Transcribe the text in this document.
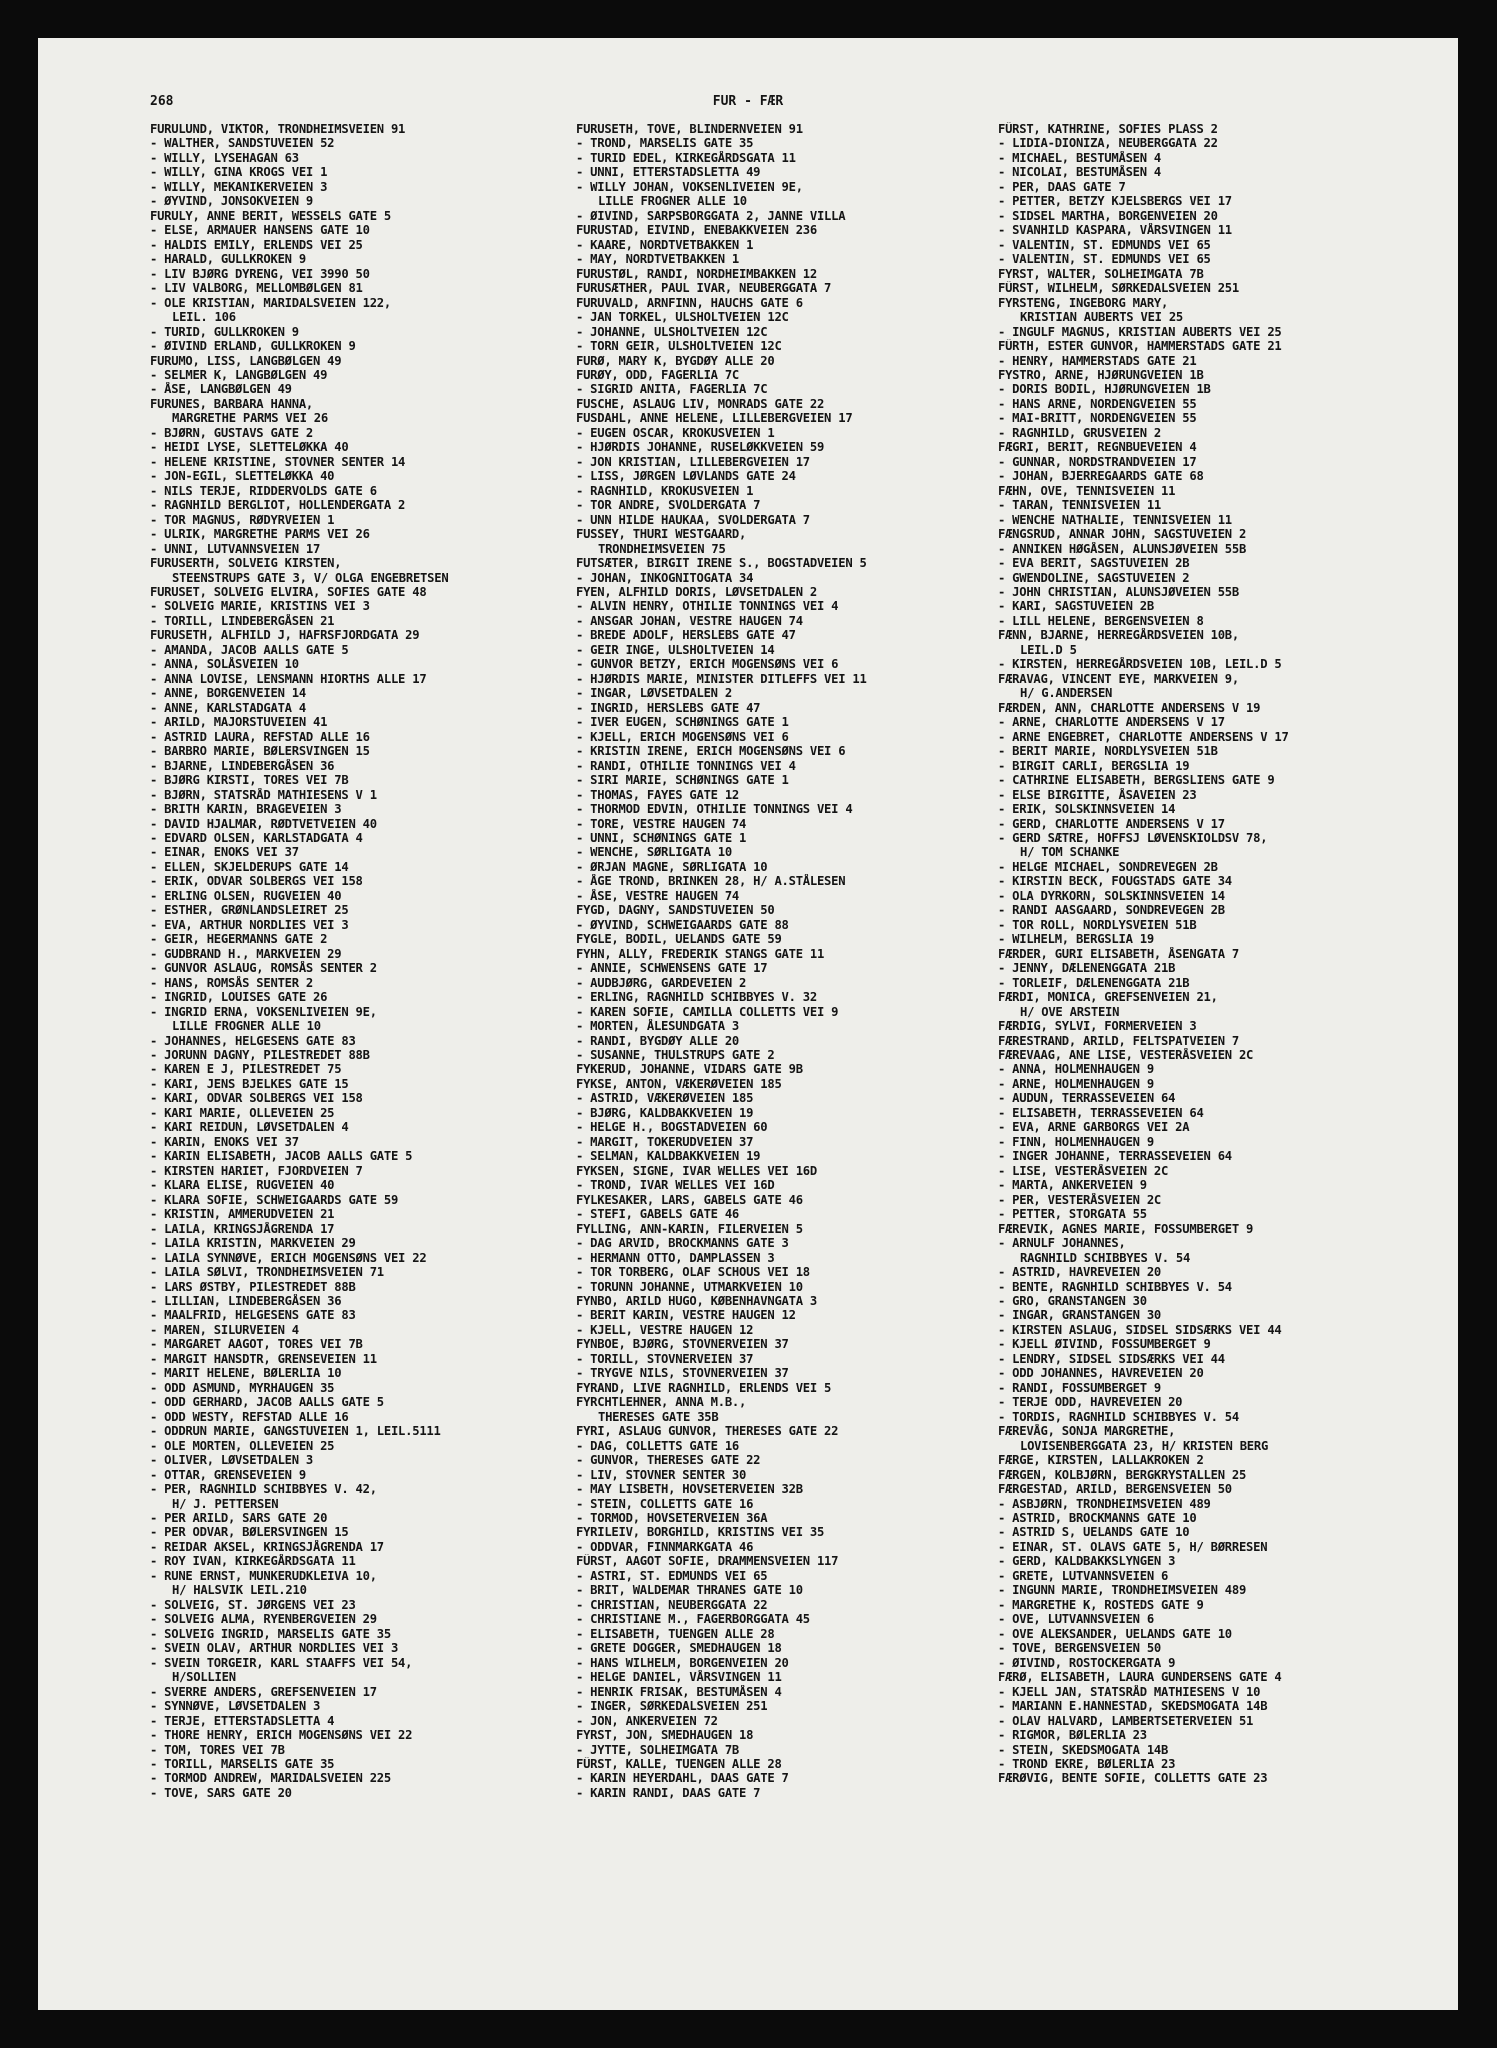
268	FUR - FÆR
FURULUND, VIKTOR, TRONDHEIMSVEIEN 91
- WALTHER, SANDSTUVEIEN 52
- WILLY, LYSEHAGAN 63
- WILLY, GINA KROGS VEI 1
- WILLY, MEKANIKERVEIEN 3
- ØYVIND, JONSOKVEIEN 9
FURULY, ANNE BERIT, WESSELS GATE 5
- ELSE, ARMAUER HANSENS GATE 10
- HALDIS EMILY, ERLENDS VEI 25
- HARALD, GULLKROKEN 9
- LIV BJØRG DYRENG, VEI 3990 50
- LIV VALBORG, MELLOMBØLGEN 81
- OLE KRISTIAN, MARIDALSVEIEN 122,
LEIL. 106
- TURID, GULLKROKEN 9
- ØIVIND ERLAND, GULLKROKEN 9
FURUMO, LISS, LANGBØLGEN 49
- SELMER K, LANGBØLGEN 49
- ÅSE, LANGBØLGEN 49
FURUNES, BARBARA HANNA,
MARGRETHE PARMS VEI 26
- BJØRN, GUSTAVS GATE 2
- HEIDI LYSE, SLETTELØKKA 40
- HELENE KRISTINE, STOVNER SENTER 14
- JON-EGIL, SLETTELØKKA 40
- NILS TERJE, RIDDERVOLDS GATE 6
- RAGNHILD BERGLIOT, HOLLENDERGATA 2
- TOR MAGNUS, RØDYRVEIEN 1
- ULRIK, MARGRETHE PARMS VEI 26
- UNNI, LUTVANNSVEIEN 17
FURUSERTH, SOLVEIG KIRSTEN,
STEENSTRUPS GATE 3, V/ OLGA ENGEBRETSEN
FURUSET, SOLVEIG ELVIRA, SOFIES GATE 48
- SOLVEIG MARIE, KRISTINS VEI 3
- TORILL, LINDEBERGÅSEN 21
FURUSETH, ALFHILD J, HAFRSFJORDGATA 29
- AMANDA, JACOB AALLS GATE 5
- ANNA, SOLÅSVEIEN 10
- ANNA LOVISE, LENSMANN HIORTHS ALLE 17
- ANNE, BORGENVEIEN 14
- ANNE, KARLSTADGATA 4
- ARILD, MAJORSTUVEIEN 41
- ASTRID LAURA, REFSTAD ALLE 16
- BARBRO MARIE, BØLERSVINGEN 15
- BJARNE, LINDEBERGÅSEN 36
- BJØRG KIRSTI, TORES VEI 7B
- BJØRN, STATSRÅD MATHIESENS V 1
- BRITH KARIN, BRAGEVEIEN 3
- DAVID HJALMAR, RØDTVETVEIEN 40
- EDVARD OLSEN, KARLSTADGATA 4
- EINAR, ENOKS VEI 37
- ELLEN, SKJELDERUPS GATE 14
- ERIK, ODVAR SOLBERGS VEI 158
- ERLING OLSEN, RUGVEIEN 40
- ESTHER, GRØNLANDSLEIRET 25
- EVA, ARTHUR NORDLIES VEI 3
- GEIR, HEGERMANNS GATE 2
- GUDBRAND H., MARKVEIEN 29
- GUNVOR ASLAUG, ROMSÅS SENTER 2
- HANS, ROMSÅS SENTER 2
- INGRID, LOUISES GATE 26
- INGRID ERNA, VOKSENLIVEIEN 9E,
LILLE FROGNER ALLE 10
- JOHANNES, HELGESENS GATE 83
- JORUNN DAGNY, PILESTREDET 88B
- KAREN E J, PILESTREDET 75
- KARI, JENS BJELKES GATE 15
- KARI, ODVAR SOLBERGS VEI 158
- KARI MARIE, OLLEVEIEN 25
- KARI REIDUN, LØVSETDALEN 4
- KARIN, ENOKS VEI 37
- KARIN ELISABETH, JACOB AALLS GATE 5
- KIRSTEN HARIET, FJORDVEIEN 7
- KLARA ELISE, RUGVEIEN 40
- KLARA SOFIE, SCHWEIGAARDS GATE 59
- KRISTIN, AMMERUDVEIEN 21
- LAILA, KRINGSJÅGRENDA 17
- LAILA KRISTIN, MARKVEIEN 29
- LAILA SYNNØVE, ERICH MOGENSØNS VEI 22
- LAILA SØLVI, TRONDHEIMSVEIEN 71
- LARS ØSTBY, PILESTREDET 88B
- LILLIAN, LINDEBERGÅSEN 36
- MAALFRID, HELGESENS GATE 83
- MAREN, SILURVEIEN 4
- MARGARET AAGOT, TORES VEI 7B
- MARGIT HANSDTR, GRENSEVEIEN 11
- MARIT HELENE, BØLERLIA 10
- ODD ASMUND, MYRHAUGEN 35
- ODD GERHARD, JACOB AALLS GATE 5
- ODD WESTY, REFSTAD ALLE 16
- ODDRUN MARIE, GANGSTUVEIEN 1, LEIL.5111
- OLE MORTEN, OLLEVEIEN 25
- OLIVER, LØVSETDALEN 3
- OTTAR, GRENSEVEIEN 9
- PER, RAGNHILD SCHIBBYES V. 42,
H/ J. PETTERSEN
- PER ARILD, SARS GATE 20
- PER ODVAR, BØLERSVINGEN 15
- REIDAR AKSEL, KRINGSJÅGRENDA 17
- ROY IVAN, KIRKEGÅRDSGATA 11
- RUNE ERNST, MUNKERUDKLEIVA 10,
H/ HALSVIK LEIL.210
- SOLVEIG, ST. JØRGENS VEI 23
- SOLVEIG ALMA, RYENBERGVEIEN 29
- SOLVEIG INGRID, MARSELIS GATE 35
- SVEIN OLAV, ARTHUR NORDLIES VEI 3
- SVEIN TORGEIR, KARL STAAFFS VEI 54,
H/SOLLIEN
- SVERRE ANDERS, GREFSENVEIEN 17
- SYNNØVE, LØVSETDALEN 3
- TERJE, ETTERSTADSLETTA 4
- THORE HENRY, ERICH MOGENSØNS VEI 22
- TOM, TORES VEI 7B
- TORILL, MARSELIS GATE 35
- TORMOD ANDREW, MARIDALSVEIEN 225
- TOVE, SARS GATE 20
FURUSETH, TOVE, BLINDERNVEIEN 91
- TROND, MARSELIS GATE 35
- TURID EDEL, KIRKEGÅRDSGATA 11
- UNNI, ETTERSTADSLETTA 49
- WILLY JOHAN, VOKSENLIVEIEN 9E,
LILLE FROGNER ALLE 10
- ØIVIND, SARPSBORGGATA 2, JANNE VILLA
FURUSTAD, EIVIND, ENEBAKKVEIEN 236
- KAARE, NORDTVETBAKKEN 1
- MAY, NORDTVETBAKKEN 1
FURUSTØL, RANDI, NORDHEIMBAKKEN 12
FURUSÆTHER, PAUL IVAR, NEUBERGGATA 7
FURUVALD, ARNFINN, HAUCHS GATE 6
- JAN TORKEL, ULSHOLTVEIEN 12C
- JOHANNE, ULSHOLTVEIEN 12C
- TORN GEIR, ULSHOLTVEIEN 12C
FURØ, MARY K, BYGDØY ALLE 20
FURØY, ODD, FAGERLIA 7C
- SIGRID ANITA, FAGERLIA 7C
FUSCHE, ASLAUG LIV, MONRADS GATE 22
FUSDAHL, ANNE HELENE, LILLEBERGVEIEN 17
- EUGEN OSCAR, KROKUSVEIEN 1
- HJØRDIS JOHANNE, RUSELØKKVEIEN 59
- JON KRISTIAN, LILLEBERGVEIEN 17
- LISS, JØRGEN LØVLANDS GATE 24
- RAGNHILD, KROKUSVEIEN 1
- TOR ANDRE, SVOLDERGATA 7
- UNN HILDE HAUKAA, SVOLDERGATA 7
FUSSEY, THURI WESTGAARD,
TRONDHEIMSVEIEN 75
FUTSÆTER, BIRGIT IRENE S., BOGSTADVEIEN 5
- JOHAN, INKOGNITOGATA 34
FYEN, ALFHILD DORIS, LØVSETDALEN 2
- ALVIN HENRY, OTHILIE TONNINGS VEI 4
- ANSGAR JOHAN, VESTRE HAUGEN 74
- BREDE ADOLF, HERSLEBS GATE 47
- GEIR INGE, ULSHOLTVEIEN 14
- GUNVOR BETZY, ERICH MOGENSØNS VEI 6
- HJØRDIS MARIE, MINISTER DITLEFFS VEI 11
- INGAR, LØVSETDALEN 2
- INGRID, HERSLEBS GATE 47
- IVER EUGEN, SCHØNINGS GATE 1
- KJELL, ERICH MOGENSØNS VEI 6
- KRISTIN IRENE, ERICH MOGENSØNS VEI 6
- RANDI, OTHILIE TONNINGS VEI 4
- SIRI MARIE, SCHØNINGS GATE 1
- THOMAS, FAYES GATE 12
- THORMOD EDVIN, OTHILIE TONNINGS VEI 4
- TORE, VESTRE HAUGEN 74
- UNNI, SCHØNINGS GATE 1
- WENCHE, SØRLIGATA 10
- ØRJAN MAGNE, SØRLIGATA 10
- ÅGE TROND, BRINKEN 28, H/ A.STÅLESEN
- ÅSE, VESTRE HAUGEN 74
FYGD, DAGNY, SANDSTUVEIEN 50
- ØYVIND, SCHWEIGAARDS GATE 88
FYGLE, BODIL, UELANDS GATE 59
FYHN, ALLY, FREDERIK STANGS GATE 11
- ANNIE, SCHWENSENS GATE 17
- AUDBJØRG, GARDEVEIEN 2
- ERLING, RAGNHILD SCHIBBYES V. 32
- KAREN SOFIE, CAMILLA COLLETTS VEI 9
- MORTEN, ÅLESUNDGATA 3
- RANDI, BYGDØY ALLE 20
- SUSANNE, THULSTRUPS GATE 2
FYKERUD, JOHANNE, VIDARS GATE 9B
FYKSE, ANTON, VÆKERØVEIEN 185
- ASTRID, VÆKERØVEIEN 185
- BJØRG, KALDBAKKVEIEN 19
- HELGE H., BOGSTADVEIEN 60
- MARGIT, TOKERUDVEIEN 37
- SELMAN, KALDBAKKVEIEN 19
FYKSEN, SIGNE, IVAR WELLES VEI 16D
- TROND, IVAR WELLES VEI 16D
FYLKESAKER, LARS, GABELS GATE 46
- STEFI, GABELS GATE 46
FYLLING, ANN-KARIN, FILERVEIEN 5
- DAG ARVID, BROCKMANNS GATE 3
- HERMANN OTTO, DAMPLASSEN 3
- TOR TORBERG, OLAF SCHOUS VEI 18
- TORUNN JOHANNE, UTMARKVEIEN 10
FYNBO, ARILD HUGO, KØBENHAVNGATA 3
- BERIT KARIN, VESTRE HAUGEN 12
- KJELL, VESTRE HAUGEN 12
FYNBOE, BJØRG, STOVNERVEIEN 37
- TORILL, STOVNERVEIEN 37
- TRYGVE NILS, STOVNERVEIEN 37
FYRAND, LIVE RAGNHILD, ERLENDS VEI 5
FYRCHTLEHNER, ANNA M.B.,
THERESES GATE 35B
FYRI, ASLAUG GUNVOR, THERESES GATE 22
- DAG, COLLETTS GATE 16
- GUNVOR, THERESES GATE 22
- LIV, STOVNER SENTER 30
- MAY LISBETH, HOVSETERVEIEN 32B
- STEIN, COLLETTS GATE 16
- TORMOD, HOVSETERVEIEN 36A
FYRILEIV, BORGHILD, KRISTINS VEI 35
- ODDVAR, FINNMARKGATA 46
FÜRST, AAGOT SOFIE, DRAMMENSVEIEN 117
- ASTRI, ST. EDMUNDS VEI 65
- BRIT, WALDEMAR THRANES GATE 10
- CHRISTIAN, NEUBERGGATA 22
- CHRISTIANE M., FAGERBORGGATA 45
- ELISABETH, TUENGEN ALLE 28
- GRETE DOGGER, SMEDHAUGEN 18
- HANS WILHELM, BORGENVEIEN 20
- HELGE DANIEL, VÅRSVINGEN 11
- HENRIK FRISAK, BESTUMÅSEN 4
- INGER, SØRKEDALSVEIEN 251
- JON, ANKERVEIEN 72
FYRST, JON, SMEDHAUGEN 18
- JYTTE, SOLHEIMGATA 7B
FÜRST, KALLE, TUENGEN ALLE 28
- KARIN HEYERDAHL, DAAS GATE 7
- KARIN RANDI, DAAS GATE 7
FÜRST, KATHRINE, SOFIES PLASS 2
- LIDIA-DIONIZA, NEUBERGGATA 22
- MICHAEL, BESTUMÅSEN 4
- NICOLAI, BESTUMÅSEN 4
- PER, DAAS GATE 7
- PETTER, BETZY KJELSBERGS VEI 17
- SIDSEL MARTHA, BORGENVEIEN 20
- SVANHILD KASPARA, VÅRSVINGEN 11
- VALENTIN, ST. EDMUNDS VEI 65
- VALENTIN, ST. EDMUNDS VEI 65
FYRST, WALTER, SOLHEIMGATA 7B
FÜRST, WILHELM, SØRKEDALSVEIEN 251
FYRSTENG, INGEBORG MARY,
KRISTIAN AUBERTS VEI 25
- INGULF MAGNUS, KRISTIAN AUBERTS VEI 25
FÜRTH, ESTER GUNVOR, HAMMERSTADS GATE 21
- HENRY, HAMMERSTADS GATE 21
FYSTRO, ARNE, HJØRUNGVEIEN 1B
- DORIS BODIL, HJØRUNGVEIEN 1B
- HANS ARNE, NORDENGVEIEN 55
- MAI-BRITT, NORDENGVEIEN 55
- RAGNHILD, GRUSVEIEN 2
FÆGRI, BERIT, REGNBUEVEIEN 4
- GUNNAR, NORDSTRANDVEIEN 17
- JOHAN, BJERREGAARDS GATE 68
FÆHN, OVE, TENNISVEIEN 11
- TARAN, TENNISVEIEN 11
- WENCHE NATHALIE, TENNISVEIEN 11
FÆNGSRUD, ANNAR JOHN, SAGSTUVEIEN 2
- ANNIKEN HØGÅSEN, ALUNSJØVEIEN 55B
- EVA BERIT, SAGSTUVEIEN 2B
- GWENDOLINE, SAGSTUVEIEN 2
- JOHN CHRISTIAN, ALUNSJØVEIEN 55B
- KARI, SAGSTUVEIEN 2B
- LILL HELENE, BERGENSVEIEN 8
FÆNN, BJARNE, HERREGÅRDSVEIEN 10B,
LEIL.D 5
- KIRSTEN, HERREGÅRDSVEIEN 10B, LEIL.D 5
FÆRAVAG, VINCENT EYE, MARKVEIEN 9,
H/ G.ANDERSEN
FÆRDEN, ANN, CHARLOTTE ANDERSENS V 19
- ARNE, CHARLOTTE ANDERSENS V 17
- ARNE ENGEBRET, CHARLOTTE ANDERSENS V 17
- BERIT MARIE, NORDLYSVEIEN 51B
- BIRGIT CARLI, BERGSLIA 19
- CATHRINE ELISABETH, BERGSLIENS GATE 9
- ELSE BIRGITTE, ÅSAVEIEN 23
- ERIK, SOLSKINNSVEIEN 14
- GERD, CHARLOTTE ANDERSENS V 17
- GERD SÆTRE, HOFFSJ LØVENSKIOLDSV 78,
H/ TOM SCHANKE
- HELGE MICHAEL, SONDREVEGEN 2B
- KIRSTIN BECK, FOUGSTADS GATE 34
- OLA DYRKORN, SOLSKINNSVEIEN 14
- RANDI AASGAARD, SONDREVEGEN 2B
- TOR ROLL, NORDLYSVEIEN 51B
- WILHELM, BERGSLIA 19
FÆRDER, GURI ELISABETH, ÅSENGATA 7
- JENNY, DÆLENENGGATA 21B
- TORLEIF, DÆLENENGGATA 21B
FÆRDI, MONICA, GREFSENVEIEN 21,
H/ OVE ARSTEIN
FÆRDIG, SYLVI, FORMERVEIEN 3
FÆRESTRAND, ARILD, FELTSPATVEIEN 7
FÆREVAAG, ANE LISE, VESTERÅSVEIEN 2C
- ANNA, HOLMENHAUGEN 9
- ARNE, HOLMENHAUGEN 9
- AUDUN, TERRASSEVEIEN 64
- ELISABETH, TERRASSEVEIEN 64
- EVA, ARNE GARBORGS VEI 2A
- FINN, HOLMENHAUGEN 9
- INGER JOHANNE, TERRASSEVEIEN 64
- LISE, VESTERÅSVEIEN 2C
- MARTA, ANKERVEIEN 9
- PER, VESTERÅSVEIEN 2C
- PETTER, STORGATA 55
FÆREVIK, AGNES MARIE, FOSSUMBERGET 9
- ARNULF JOHANNES,
RAGNHILD SCHIBBYES V. 54
- ASTRID, HAVREVEIEN 20
- BENTE, RAGNHILD SCHIBBYES V. 54
- GRO, GRANSTANGEN 30
- INGAR, GRANSTANGEN 30
- KIRSTEN ASLAUG, SIDSEL SIDSÆRKS VEI 44
- KJELL ØIVIND, FOSSUMBERGET 9
- LENDRY, SIDSEL SIDSÆRKS VEI 44
- ODD JOHANNES, HAVREVEIEN 20
- RANDI, FOSSUMBERGET 9
- TERJE ODD, HAVREVEIEN 20
- TORDIS, RAGNHILD SCHIBBYES V. 54
FÆREVÅG, SONJA MARGRETHE,
LOVISENBERGGATA 23, H/ KRISTEN BERG
FÆRGE, KIRSTEN, LALLAKROKEN 2
FÆRGEN, KOLBJØRN, BERGKRYSTALLEN 25
FÆRGESTAD, ARILD, BERGENSVEIEN 50
- ASBJØRN, TRONDHEIMSVEIEN 489
- ASTRID, BROCKMANNS GATE 10
- ASTRID S, UELANDS GATE 10
- EINAR, ST. OLAVS GATE 5, H/ BØRRESEN
- GERD, KALDBAKKSLYNGEN 3
- GRETE, LUTVANNSVEIEN 6
- INGUNN MARIE, TRONDHEIMSVEIEN 489
- MARGRETHE K, ROSTEDS GATE 9
- OVE, LUTVANNSVEIEN 6
- OVE ALEKSANDER, UELANDS GATE 10
- TOVE, BERGENSVEIEN 50
- ØIVIND, ROSTOCKERGATA 9
FÆRØ, ELISABETH, LAURA GUNDERSENS GATE 4
- KJELL JAN, STATSRÅD MATHIESENS V 10
- MARIANN E.HANNESTAD, SKEDSMOGATA 14B
- OLAV HALVARD, LAMBERTSETERVEIEN 51
- RIGMOR, BØLERLIA 23
- STEIN, SKEDSMOGATA 14B
- TROND EKRE, BØLERLIA 23
FÆRØVIG, BENTE SOFIE, COLLETTS GATE 23
